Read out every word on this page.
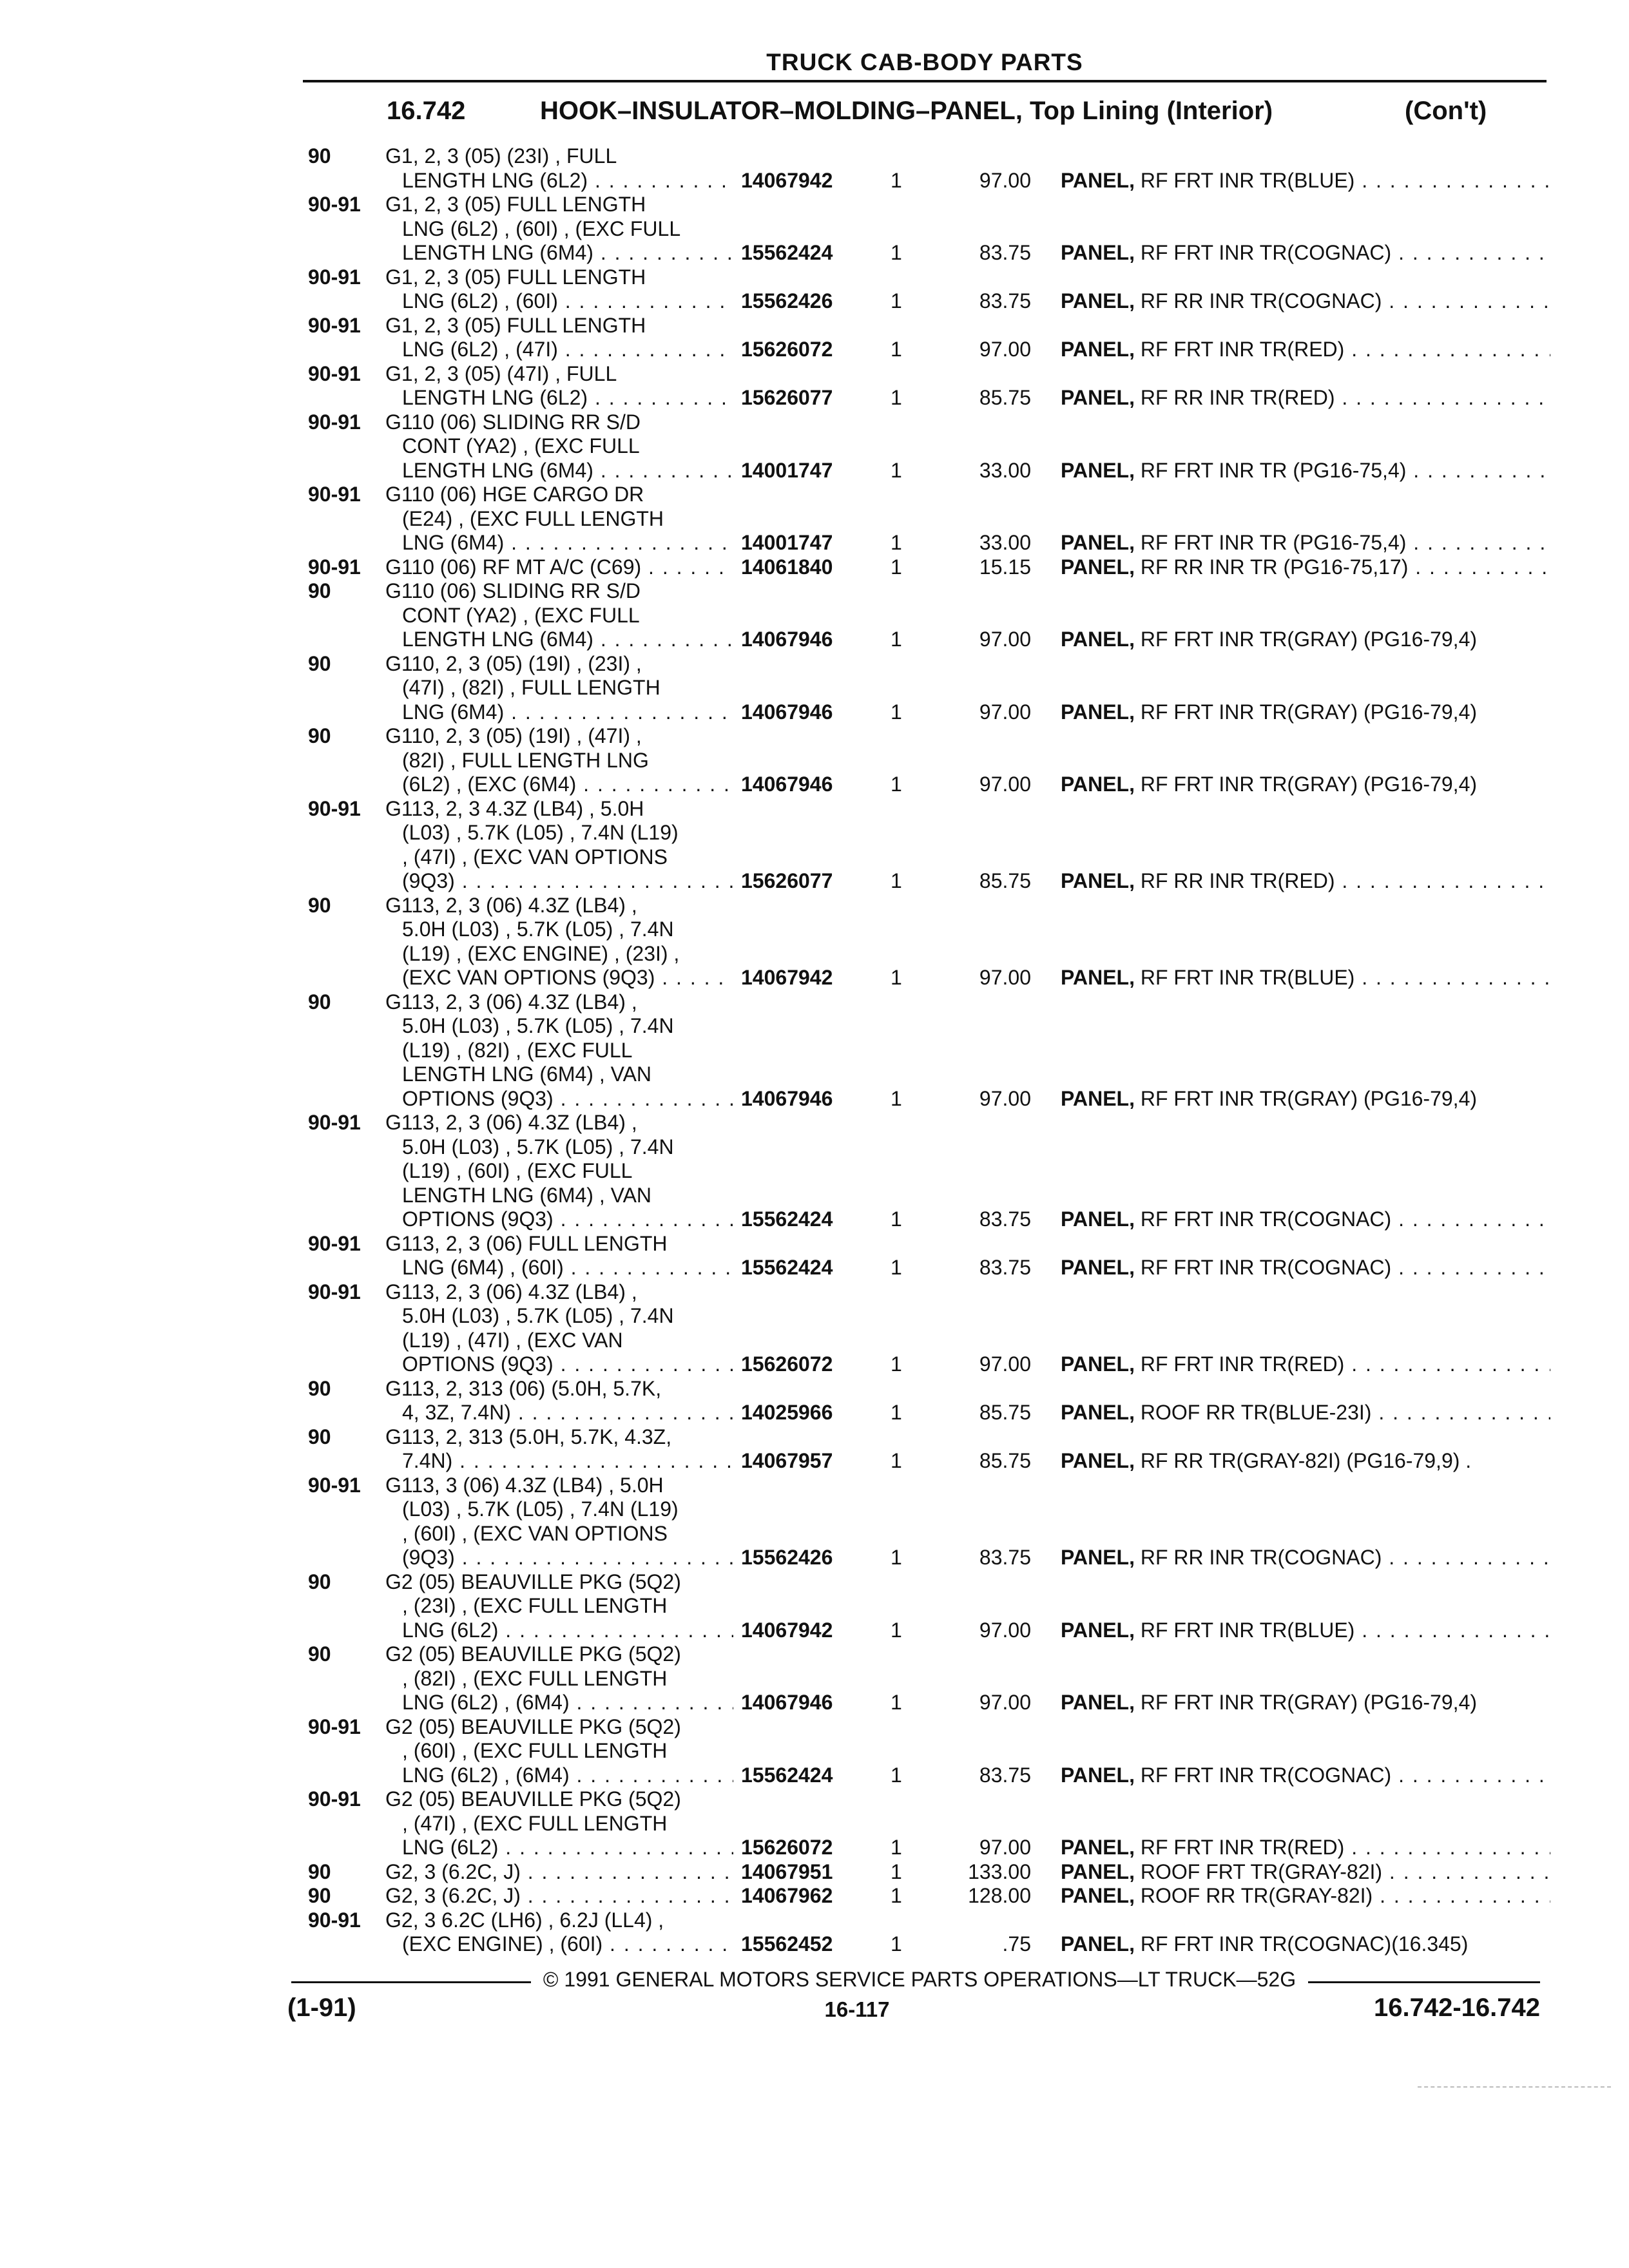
TRUCK CAB-BODY PARTS
16.742	HOOK–INSULATOR–MOLDING–PANEL, Top Lining (Interior)	(Con't)
90	G1, 2, 3 (05) (23I) , FULL
LENGTH LNG (6L2) . . .	14067942	1	97.00 PANEL, RF FRT INR TR(BLUE) . . .
90-91	G1, 2, 3 (05) FULL LENGTH
LNG (6L2) , (60I) , (EXC FULL
LENGTH LNG (6M4) . . .	15562424	1	83.75 PANEL, RF FRT INR TR(COGNAC) . . .
90-91	G1, 2, 3 (05) FULL LENGTH
LNG (6L2) , (60I) . . .	15562426	1	83.75 PANEL, RF RR INR TR(COGNAC) . . .
90-91	G1, 2, 3 (05) FULL LENGTH
LNG (6L2) , (47I) . . .	15626072	1	97.00 PANEL, RF FRT INR TR(RED) . . .
90-91	G1, 2, 3 (05) (47I) , FULL
LENGTH LNG (6L2) . . .	15626077	1	85.75 PANEL, RF RR INR TR(RED) . . .
90-91	G110 (06) SLIDING RR S/D
CONT (YA2) , (EXC FULL
LENGTH LNG (6M4) . . .	14001747	1	33.00 PANEL, RF FRT INR TR (PG16-75,4) . . .
90-91	G110 (06) HGE CARGO DR
(E24) , (EXC FULL LENGTH
LNG (6M4) . . .	14001747	1	33.00 PANEL, RF FRT INR TR (PG16-75,4) . . .
90-91	G110 (06) RF MT A/C (C69) . . .	14061840	1	15.15 PANEL, RF RR INR TR (PG16-75,17) . . .
90	G110 (06) SLIDING RR S/D
CONT (YA2) , (EXC FULL
LENGTH LNG (6M4) . . .	14067946	1	97.00 PANEL, RF FRT INR TR(GRAY) (PG16-79,4)
90	G110, 2, 3 (05) (19I) , (23I) ,
(47I) , (82I) , FULL LENGTH
LNG (6M4) . . .	14067946	1	97.00 PANEL, RF FRT INR TR(GRAY) (PG16-79,4)
90	G110, 2, 3 (05) (19I) , (47I) ,
(82I) , FULL LENGTH LNG
(6L2) , (EXC (6M4) . . .	14067946	1	97.00 PANEL, RF FRT INR TR(GRAY) (PG16-79,4)
90-91	G113, 2, 3 4.3Z (LB4) , 5.0H
(L03) , 5.7K (L05) , 7.4N (L19)
, (47I) , (EXC VAN OPTIONS
(9Q3) . . .	15626077	1	85.75 PANEL, RF RR INR TR(RED) . . .
90	G113, 2, 3 (06) 4.3Z (LB4) ,
5.0H (L03) , 5.7K (L05) , 7.4N
(L19) , (EXC ENGINE) , (23I) ,
(EXC VAN OPTIONS (9Q3) . . .	14067942	1	97.00 PANEL, RF FRT INR TR(BLUE) . . .
90	G113, 2, 3 (06) 4.3Z (LB4) ,
5.0H (L03) , 5.7K (L05) , 7.4N
(L19) , (82I) , (EXC FULL
LENGTH LNG (6M4) , VAN
OPTIONS (9Q3) . . .	14067946	1	97.00 PANEL, RF FRT INR TR(GRAY) (PG16-79,4)
90-91	G113, 2, 3 (06) 4.3Z (LB4) ,
5.0H (L03) , 5.7K (L05) , 7.4N
(L19) , (60I) , (EXC FULL
LENGTH LNG (6M4) , VAN
OPTIONS (9Q3) . . .	15562424	1	83.75 PANEL, RF FRT INR TR(COGNAC) . . .
90-91	G113, 2, 3 (06) FULL LENGTH
LNG (6M4) , (60I) . . .	15562424	1	83.75 PANEL, RF FRT INR TR(COGNAC) . . .
90-91	G113, 2, 3 (06) 4.3Z (LB4) ,
5.0H (L03) , 5.7K (L05) , 7.4N
(L19) , (47I) , (EXC VAN
OPTIONS (9Q3) . . .	15626072	1	97.00 PANEL, RF FRT INR TR(RED) . . .
90	G113, 2, 313 (06) (5.0H, 5.7K,
4, 3Z, 7.4N) . . .	14025966	1	85.75 PANEL, ROOF RR TR(BLUE-23I) . . .
90	G113, 2, 313 (5.0H, 5.7K, 4.3Z,
7.4N) . . .	14067957	1	85.75 PANEL, RF RR TR(GRAY-82I) (PG16-79,9) .
90-91	G113, 3 (06) 4.3Z (LB4) , 5.0H
(L03) , 5.7K (L05) , 7.4N (L19)
, (60I) , (EXC VAN OPTIONS
(9Q3) . . .	15562426	1	83.75 PANEL, RF RR INR TR(COGNAC) . . .
90	G2 (05) BEAUVILLE PKG (5Q2)
, (23I) , (EXC FULL LENGTH
LNG (6L2) . . .	14067942	1	97.00 PANEL, RF FRT INR TR(BLUE) . . .
90	G2 (05) BEAUVILLE PKG (5Q2)
, (82I) , (EXC FULL LENGTH
LNG (6L2) , (6M4) . . .	14067946	1	97.00 PANEL, RF FRT INR TR(GRAY) (PG16-79,4)
90-91	G2 (05) BEAUVILLE PKG (5Q2)
, (60I) , (EXC FULL LENGTH
LNG (6L2) , (6M4) . . .	15562424	1	83.75 PANEL, RF FRT INR TR(COGNAC) . . .
90-91	G2 (05) BEAUVILLE PKG (5Q2)
, (47I) , (EXC FULL LENGTH
LNG (6L2) . . .	15626072	1	97.00 PANEL, RF FRT INR TR(RED) . . .
90	G2, 3 (6.2C, J) . . .	14067951	1	133.00 PANEL, ROOF FRT TR(GRAY-82I) . . .
90	G2, 3 (6.2C, J) . . .	14067962	1	128.00 PANEL, ROOF RR TR(GRAY-82I) . . .
90-91	G2, 3 6.2C (LH6) , 6.2J (LL4) ,
(EXC ENGINE) , (60I) . . .	15562452	1	.75 PANEL, RF FRT INR TR(COGNAC)(16.345)
© 1991 GENERAL MOTORS SERVICE PARTS OPERATIONS—LT TRUCK—52G
(1-91)	16-117	16.742-16.742
